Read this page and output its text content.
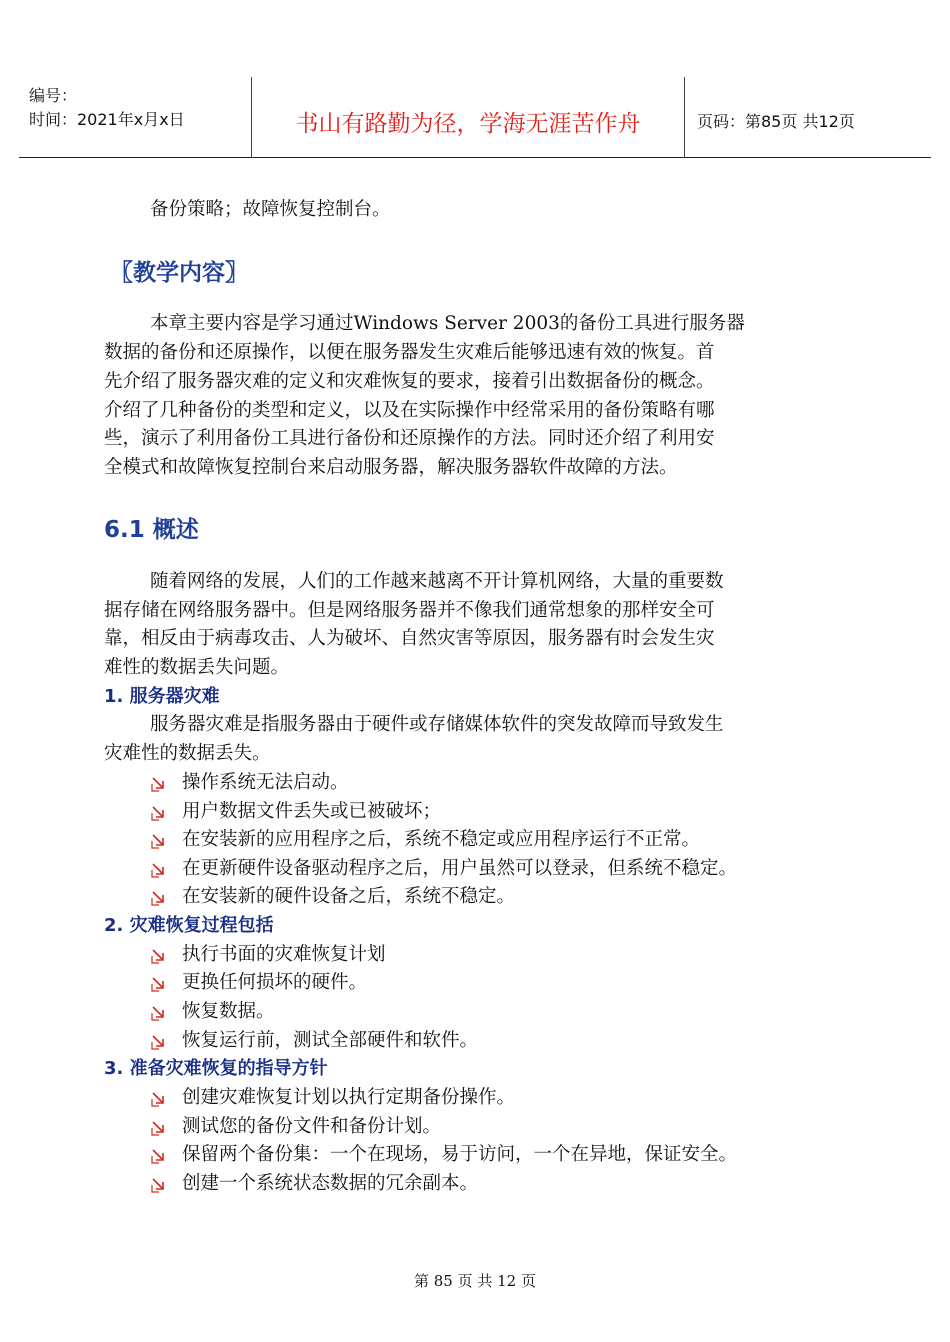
编号：
时间：2021年x月x日	书山有路勤为径，学海无涯苦作舟	页码：第85页 共12页
备份策略；故障恢复控制台。
〖教学内容〗
本章主要内容是学习通过Windows Server 2003的备份工具进行服务器
数据的备份和还原操作，以便在服务器发生灾难后能够迅速有效的恢复。首
先介绍了服务器灾难的定义和灾难恢复的要求，接着引出数据备份的概念。
介绍了几种备份的类型和定义，以及在实际操作中经常采用的备份策略有哪
些，演示了利用备份工具进行备份和还原操作的方法。同时还介绍了利用安
全模式和故障恢复控制台来启动服务器，解决服务器软件故障的方法。
6.1 概述
随着网络的发展，人们的工作越来越离不开计算机网络，大量的重要数
据存储在网络服务器中。但是网络服务器并不像我们通常想象的那样安全可
靠，相反由于病毒攻击、人为破坏、自然灾害等原因，服务器有时会发生灾
难性的数据丢失问题。
1. 服务器灾难
服务器灾难是指服务器由于硬件或存储媒体软件的突发故障而导致发生
灾难性的数据丢失。
操作系统无法启动。
用户数据文件丢失或已被破坏；
在安装新的应用程序之后，系统不稳定或应用程序运行不正常。
在更新硬件设备驱动程序之后，用户虽然可以登录，但系统不稳定。
在安装新的硬件设备之后，系统不稳定。
2. 灾难恢复过程包括
执行书面的灾难恢复计划
更换任何损坏的硬件。
恢复数据。
恢复运行前，测试全部硬件和软件。
3. 准备灾难恢复的指导方针
创建灾难恢复计划以执行定期备份操作。
测试您的备份文件和备份计划。
保留两个备份集：一个在现场，易于访问，一个在异地，保证安全。
创建一个系统状态数据的冗余副本。
第 85 页 共 12 页
